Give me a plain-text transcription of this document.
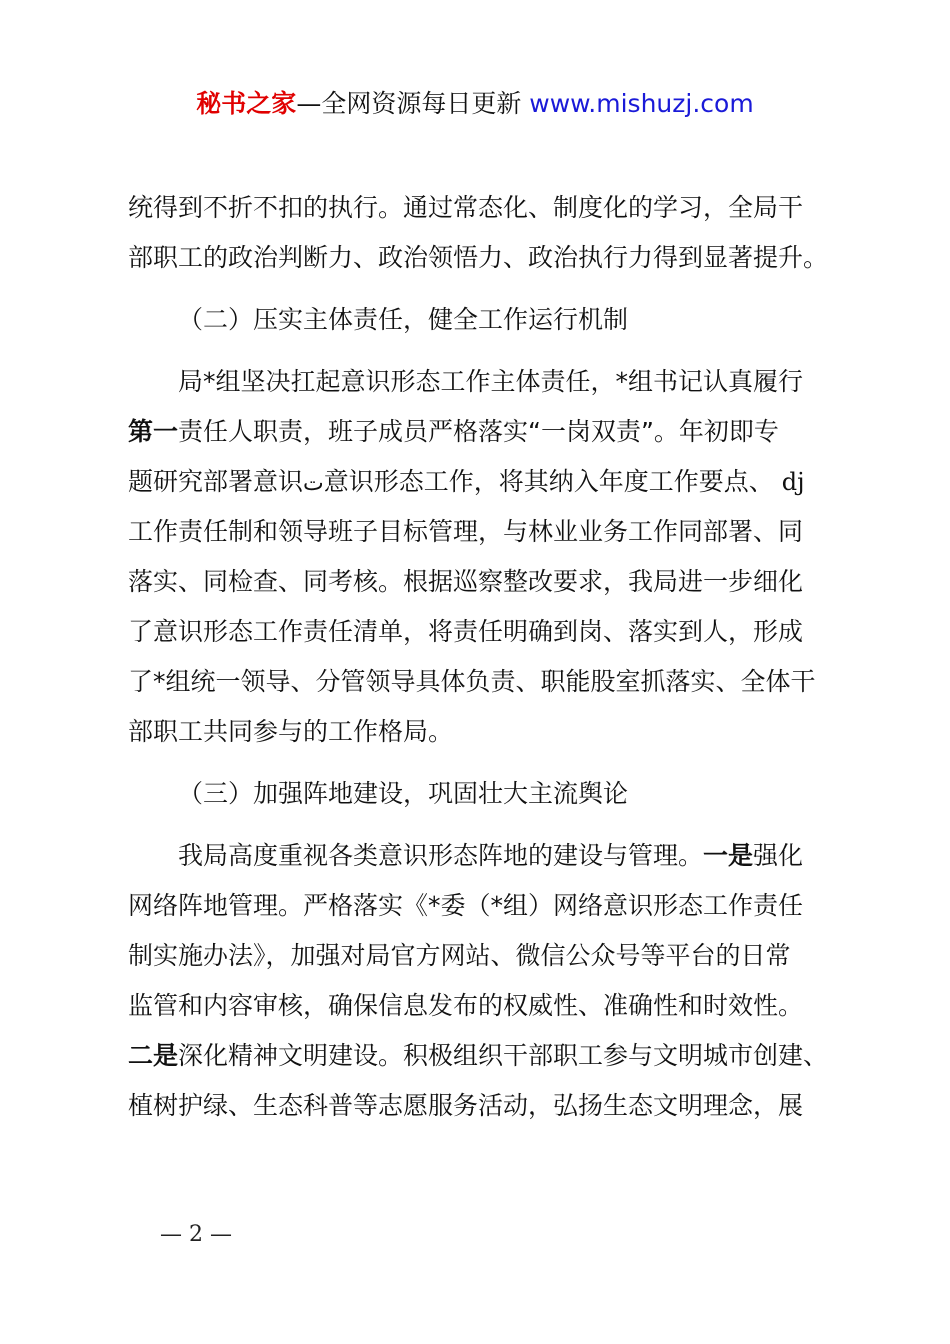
秘书之家—全网资源每日更新 www.mishuzj.com
统得到不折不扣的执行。通过常态化、制度化的学习，全局干
部职工的政治判断力、政治领悟力、政治执行力得到显著提升。
（二）压实主体责任，健全工作运行机制
局*组坚决扛起意识形态工作主体责任，*组书记认真履行
第一责任人职责，班子成员严格落实“一岗双责”。年初即专
题研究部署意识ت意识形态工作，将其纳入年度工作要点、 dj
工作责任制和领导班子目标管理，与林业业务工作同部署、同
落实、同检查、同考核。根据巡察整改要求，我局进一步细化
了意识形态工作责任清单，将责任明确到岗、落实到人，形成
了*组统一领导、分管领导具体负责、职能股室抓落实、全体干
部职工共同参与的工作格局。
（三）加强阵地建设，巩固壮大主流舆论
我局高度重视各类意识形态阵地的建设与管理。一是强化
网络阵地管理。严格落实《*委（*组）网络意识形态工作责任
制实施办法》，加强对局官方网站、微信公众号等平台的日常
监管和内容审核，确保信息发布的权威性、准确性和时效性。
二是深化精神文明建设。积极组织干部职工参与文明城市创建、
植树护绿、生态科普等志愿服务活动，弘扬生态文明理念，展
— 2 —
